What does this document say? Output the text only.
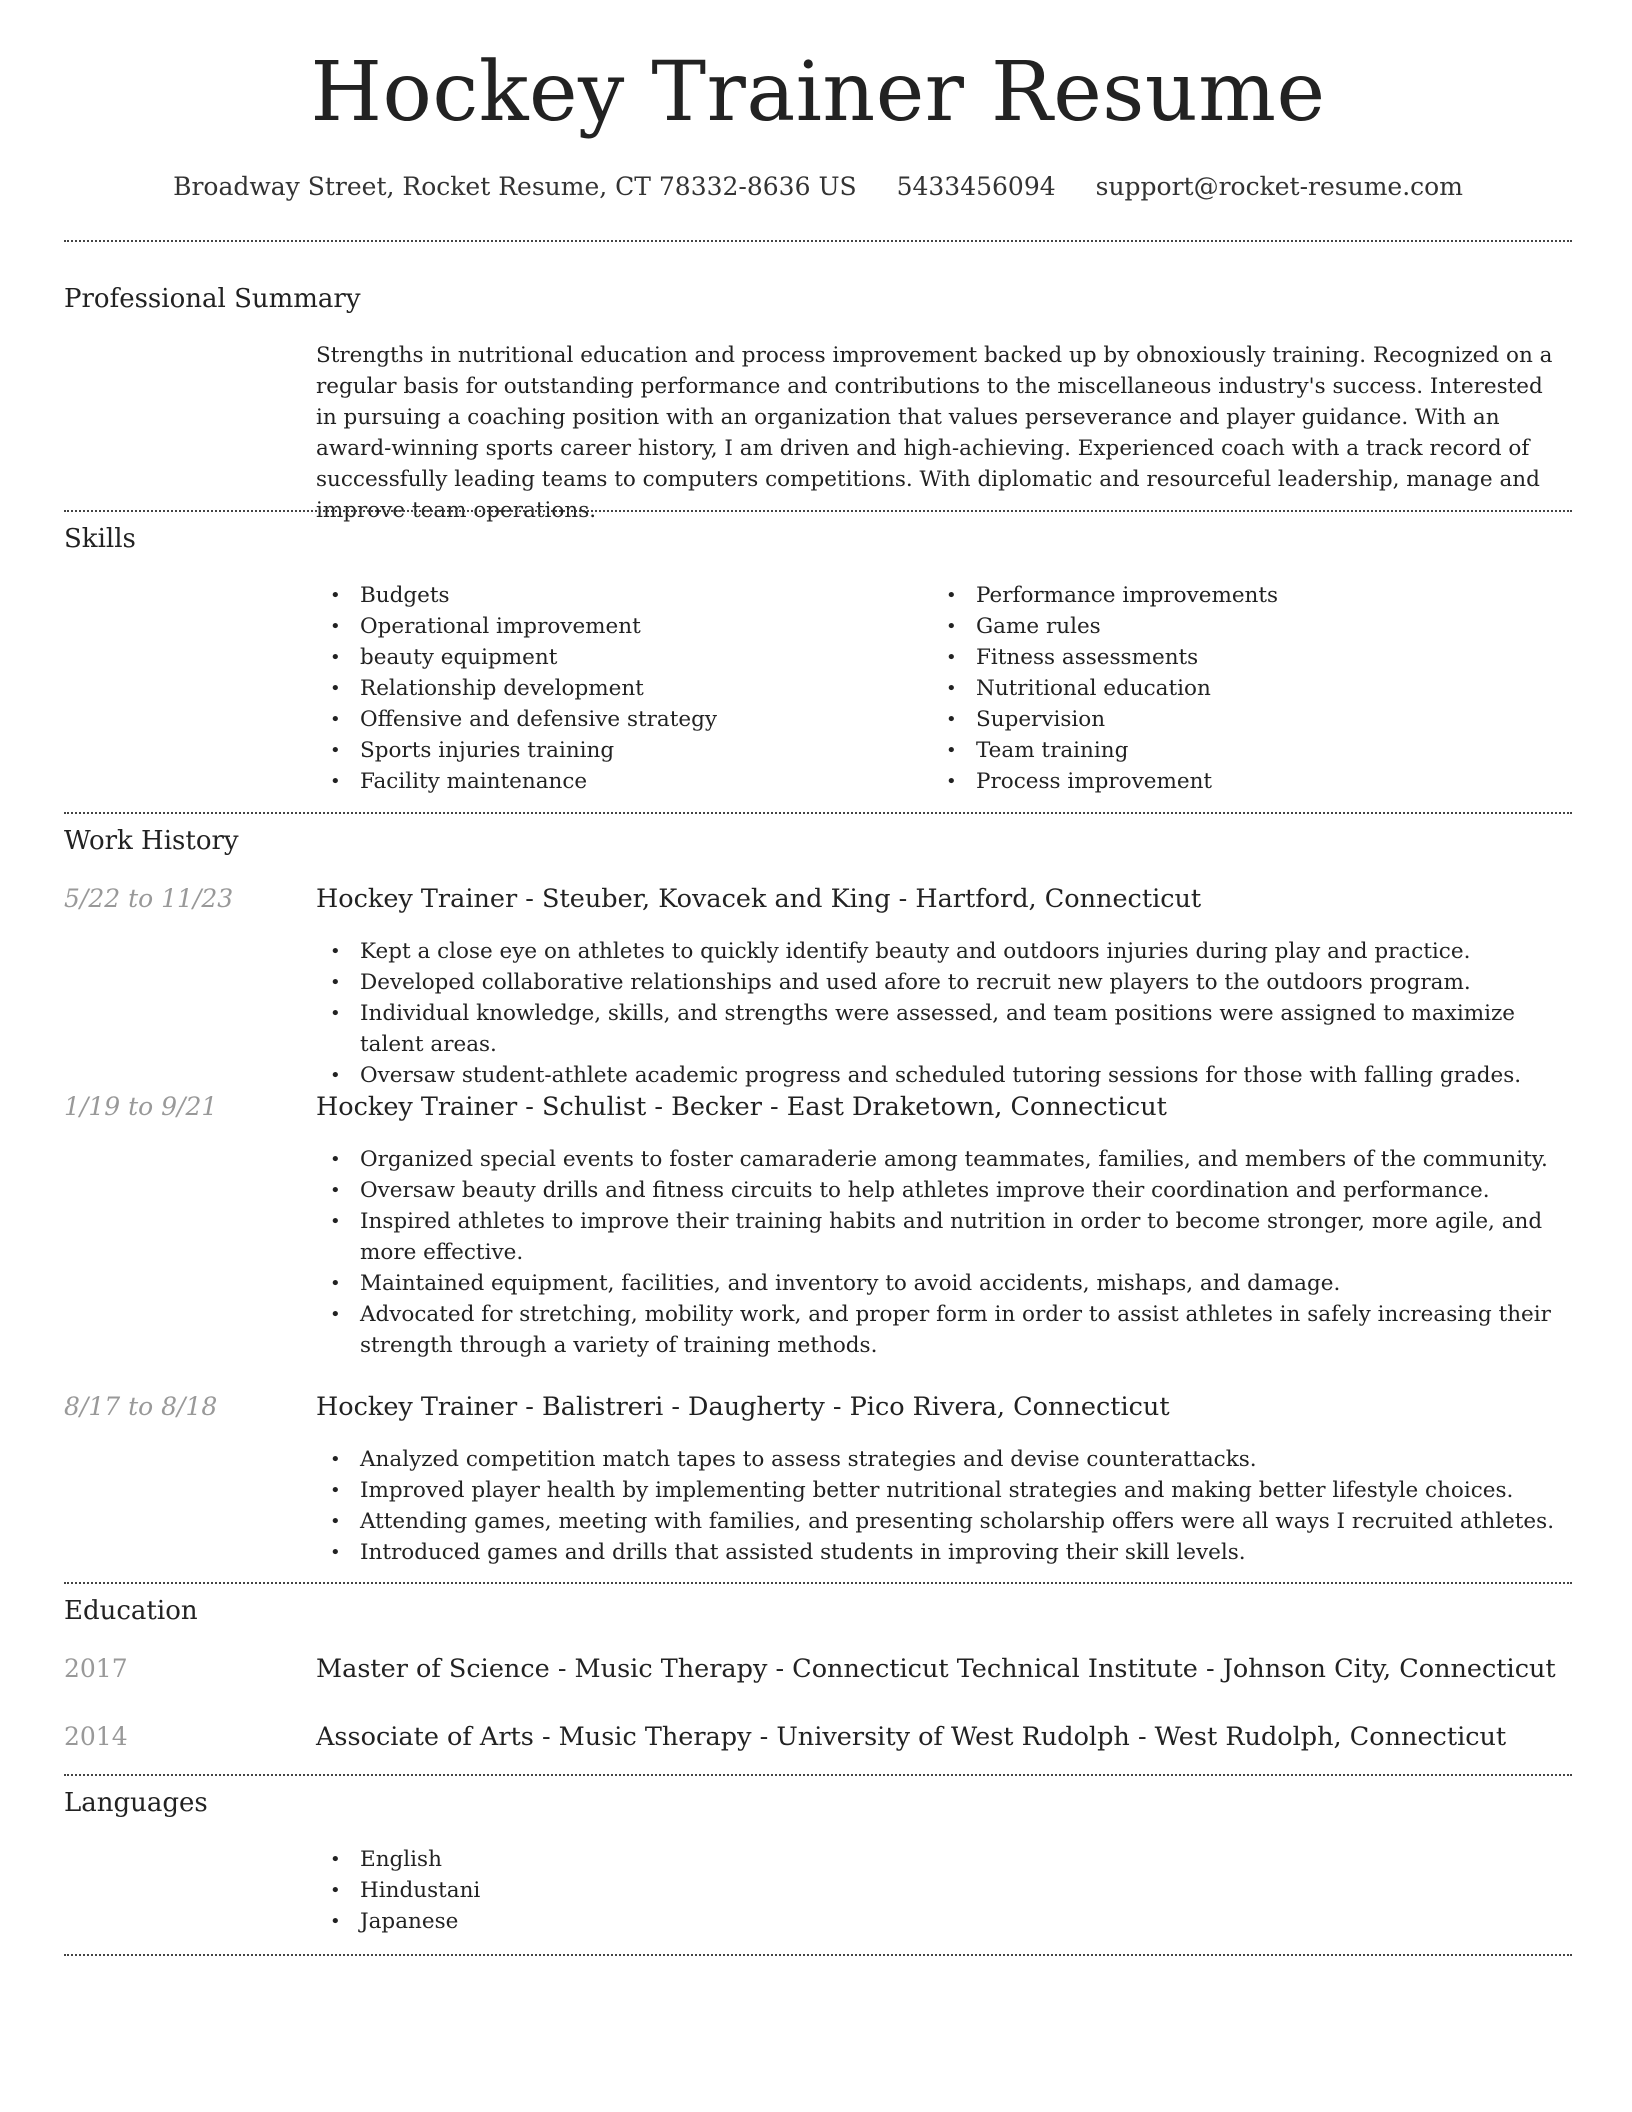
Hockey Trainer Resume
Broadway Street, Rocket Resume, CT 78332-8636 US 5433456094 support@rocket-resume.com
Professional Summary

Strengths in nutritional education and process improvement backed up by obnoxiously training. Recognized on a regular basis for outstanding performance and contributions to the miscellaneous industry's success. Interested in pursuing a coaching position with an organization that values perseverance and player guidance. With an award-winning sports career history, I am driven and high-achieving. Experienced coach with a track record of successfully leading teams to computers competitions. With diplomatic and resourceful leadership, manage and improve team operations.

Skills
• Budgets
• Operational improvement
• beauty equipment
• Relationship development
• Offensive and defensive strategy
• Sports injuries training
• Facility maintenance
• Performance improvements
• Game rules
• Fitness assessments
• Nutritional education
• Supervision
• Team training
• Process improvement
Work History
5/22 to 11/23	Hockey Trainer - Steuber, Kovacek and King - Hartford, Connecticut
• Kept a close eye on athletes to quickly identify beauty and outdoors injuries during play and practice.
• Developed collaborative relationships and used afore to recruit new players to the outdoors program.
• Individual knowledge, skills, and strengths were assessed, and team positions were assigned to maximize talent areas.
• Oversaw student-athlete academic progress and scheduled tutoring sessions for those with falling grades.
1/19 to 9/21	Hockey Trainer - Schulist - Becker - East Draketown, Connecticut
• Organized special events to foster camaraderie among teammates, families, and members of the community.
• Oversaw beauty drills and fitness circuits to help athletes improve their coordination and performance.
• Inspired athletes to improve their training habits and nutrition in order to become stronger, more agile, and more effective.
• Maintained equipment, facilities, and inventory to avoid accidents, mishaps, and damage.
• Advocated for stretching, mobility work, and proper form in order to assist athletes in safely increasing their strength through a variety of training methods.
8/17 to 8/18	Hockey Trainer - Balistreri - Daugherty - Pico Rivera, Connecticut
• Analyzed competition match tapes to assess strategies and devise counterattacks.
• Improved player health by implementing better nutritional strategies and making better lifestyle choices.
• Attending games, meeting with families, and presenting scholarship offers were all ways I recruited athletes.
• Introduced games and drills that assisted students in improving their skill levels.
Education
2017	Master of Science - Music Therapy - Connecticut Technical Institute - Johnson City, Connecticut
2014	Associate of Arts - Music Therapy - University of West Rudolph - West Rudolph, Connecticut
Languages
• English
• Hindustani
• Japanese
